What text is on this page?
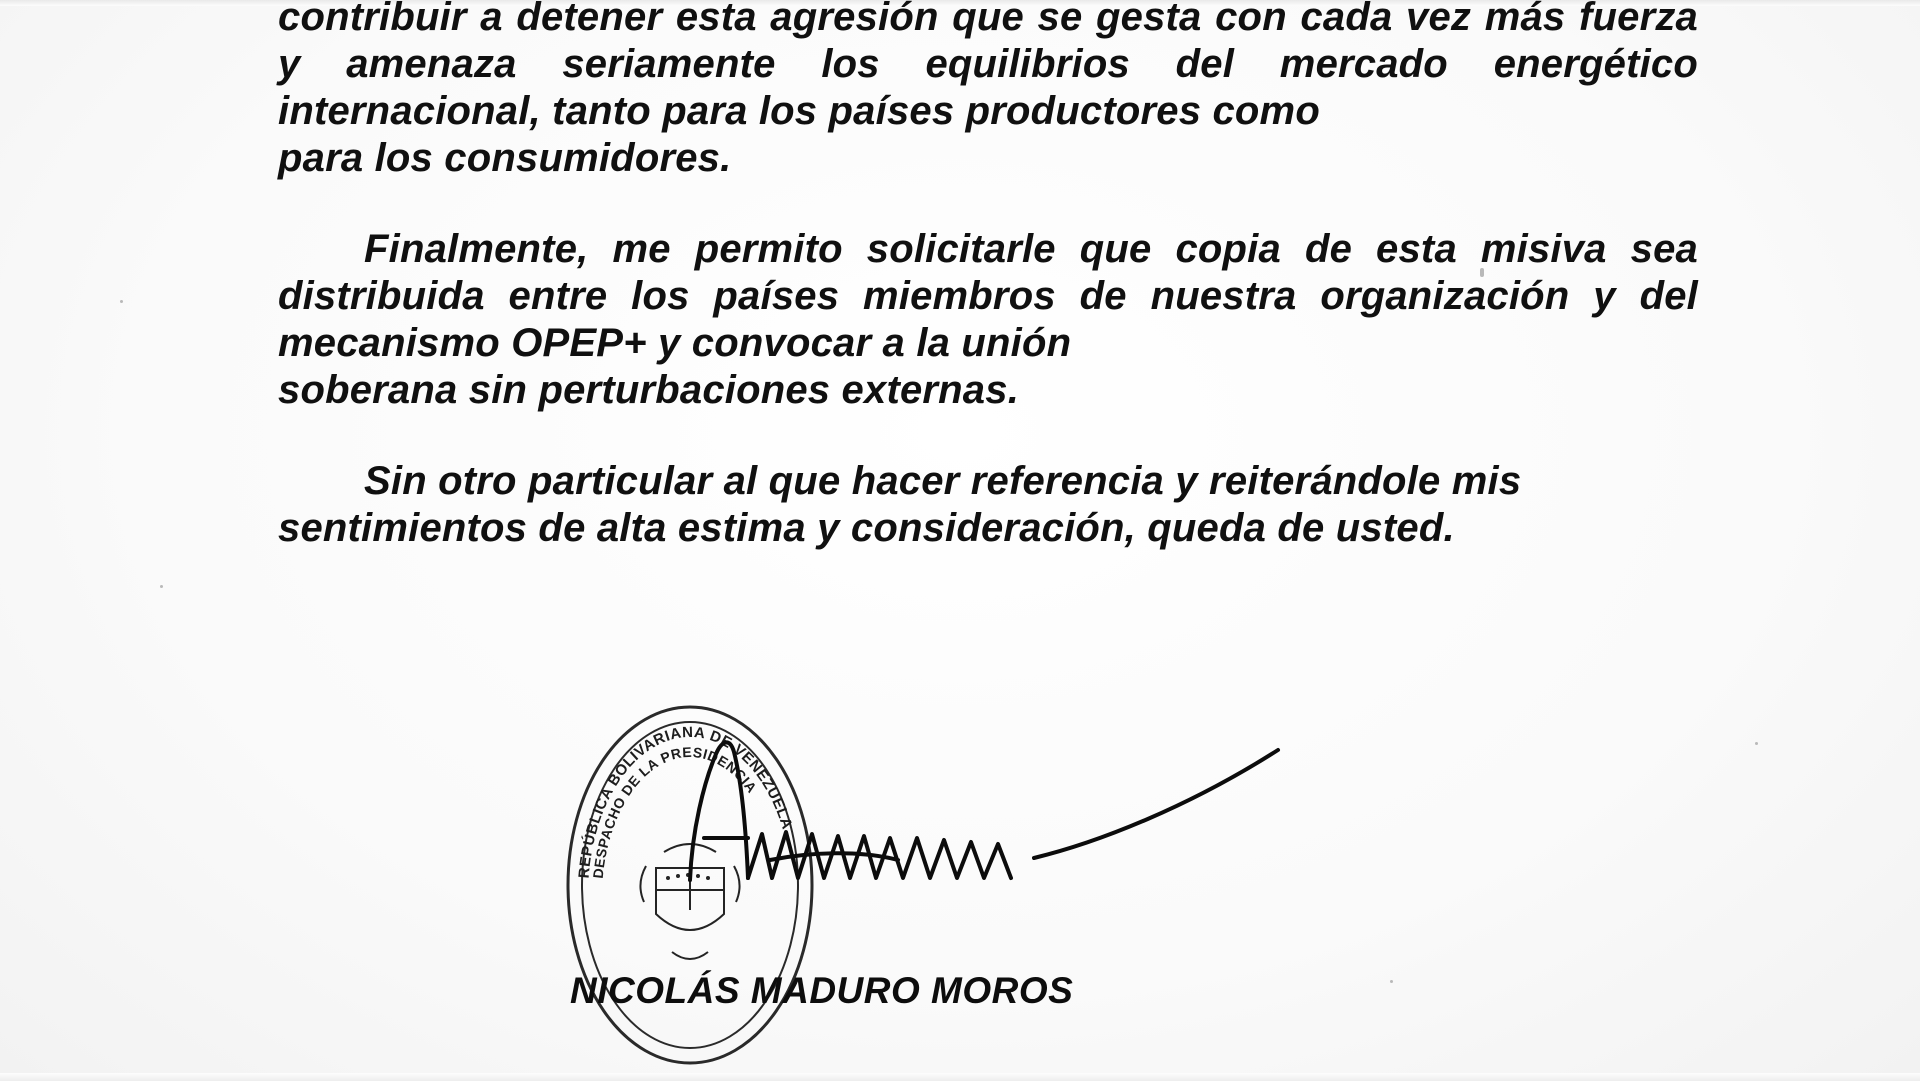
contribuir a detener esta agresión que se gesta con cada vez más fuerza y amenaza seriamente los equilibrios del mercado energético internacional, tanto para los países productores como
para los consumidores.

Finalmente, me permito solicitarle que copia de esta misiva sea distribuida entre los países miembros de nuestra organización y del mecanismo OPEP+ y convocar a la unión
soberana sin perturbaciones externas.

Sin otro particular al que hacer referencia y reiterándole mis
sentimientos de alta estima y consideración, queda de usted.

REPÚBLICA BOLIVARIANA DE VENEZUELA
DESPACHO DE LA PRESIDENCIA
NICOLÁS MADURO MOROS
